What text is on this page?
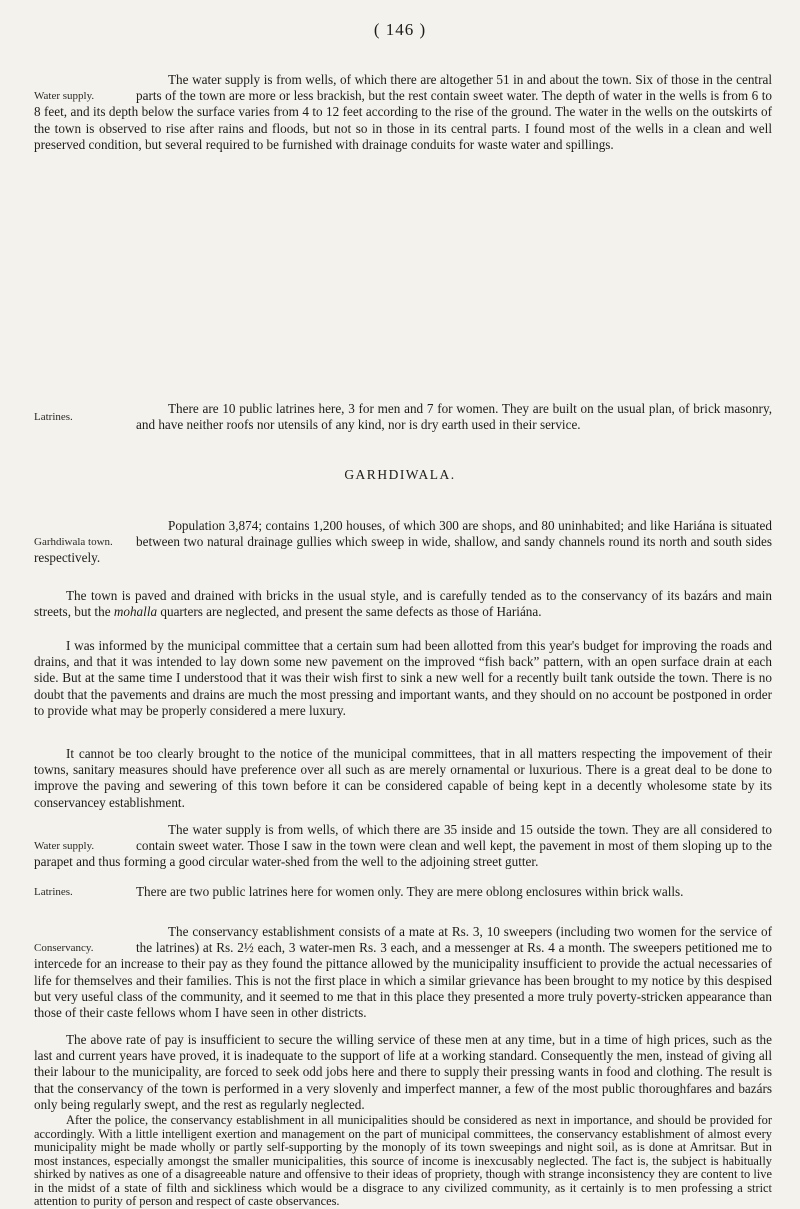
( 146 )

Water supply.
The water supply is from wells, of which there are altogether 51 in and about the town. Six of those in the central parts of the town are more or less brackish, but the rest contain sweet water. The depth of water in the wells is from 6 to 8 feet, and its depth below the surface varies from 4 to 12 feet according to the rise of the ground. The water in the wells on the outskirts of the town is observed to rise after rains and floods, but not so in those in its central parts. I found most of the wells in a clean and well preserved condition, but several required to be furnished with drainage conduits for waste water and spillings.

Latrines.
There are 10 public latrines here, 3 for men and 7 for women. They are built on the usual plan, of brick masonry, and have neither roofs nor utensils of any kind, nor is dry earth used in their service.

GARHDIWALA.

Garhdiwala town.
Population 3,874; contains 1,200 houses, of which 300 are shops, and 80 uninhabited; and like Hariána is situated between two natural drainage gullies which sweep in wide, shallow, and sandy channels round its north and south sides respectively.

The town is paved and drained with bricks in the usual style, and is carefully tended as to the conservancy of its bazárs and main streets, but the mohalla quarters are neglected, and present the same defects as those of Hariána.

I was informed by the municipal committee that a certain sum had been allotted from this year's budget for improving the roads and drains, and that it was intended to lay down some new pavement on the improved “fish back” pattern, with an open surface drain at each side. But at the same time I understood that it was their wish first to sink a new well for a recently built tank outside the town. There is no doubt that the pavements and drains are much the most pressing and important wants, and they should on no account be postponed in order to provide what may be properly considered a mere luxury.

It cannot be too clearly brought to the notice of the municipal committees, that in all matters respecting the impovement of their towns, sanitary measures should have preference over all such as are merely ornamental or luxurious. There is a great deal to be done to improve the paving and sewering of this town before it can be considered capable of being kept in a decently wholesome state by its conservancey establishment.

Water supply.
The water supply is from wells, of which there are 35 inside and 15 outside the town. They are all considered to contain sweet water. Those I saw in the town were clean and well kept, the pavement in most of them sloping up to the parapet and thus forming a good circular water-shed from the well to the adjoining street gutter.

Latrines.	There are two public latrines here for women only. They are mere oblong enclosures within brick walls.

Conservancy.
The conservancy establishment consists of a mate at Rs. 3, 10 sweepers (including two women for the service of the latrines) at Rs. 2½ each, 3 water-men Rs. 3 each, and a messenger at Rs. 4 a month. The sweepers petitioned me to intercede for an increase to their pay as they found the pittance allowed by the municipality insufficient to provide the actual necessaries of life for themselves and their families. This is not the first place in which a similar grievance has been brought to my notice by this despised but very useful class of the community, and it seemed to me that in this place they presented a more truly poverty-stricken appearance than those of their caste fellows whom I have seen in other districts.

The above rate of pay is insufficient to secure the willing service of these men at any time, but in a time of high prices, such as the last and current years have proved, it is inadequate to the support of life at a working standard. Consequently the men, instead of giving all their labour to the municipality, are forced to seek odd jobs here and there to supply their pressing wants in food and clothing. The result is that the conservancy of the town is performed in a very slovenly and imperfect manner, a few of the most public thoroughfares and bazárs only being regularly swept, and the rest as regularly neglected.

After the police, the conservancy establishment in all municipalities should be considered as next in importance, and should be provided for accordingly. With a little intelligent exertion and management on the part of municipal committees, the conservancy establishment of almost every municipality might be made wholly or partly self-supporting by the monoply of its town sweepings and night soil, as is done at Amritsar. But in most instances, especially amongst the smaller municipalities, this source of income is inexcusably neglected. The fact is, the subject is habitually shirked by natives as one of a disagreeable nature and offensive to their ideas of propriety, though with strange inconsistency they are content to live in the midst of a state of filth and sickliness which would be a disgrace to any civilized community, as it certainly is to men professing a strict attention to purity of person and respect of caste observances.
